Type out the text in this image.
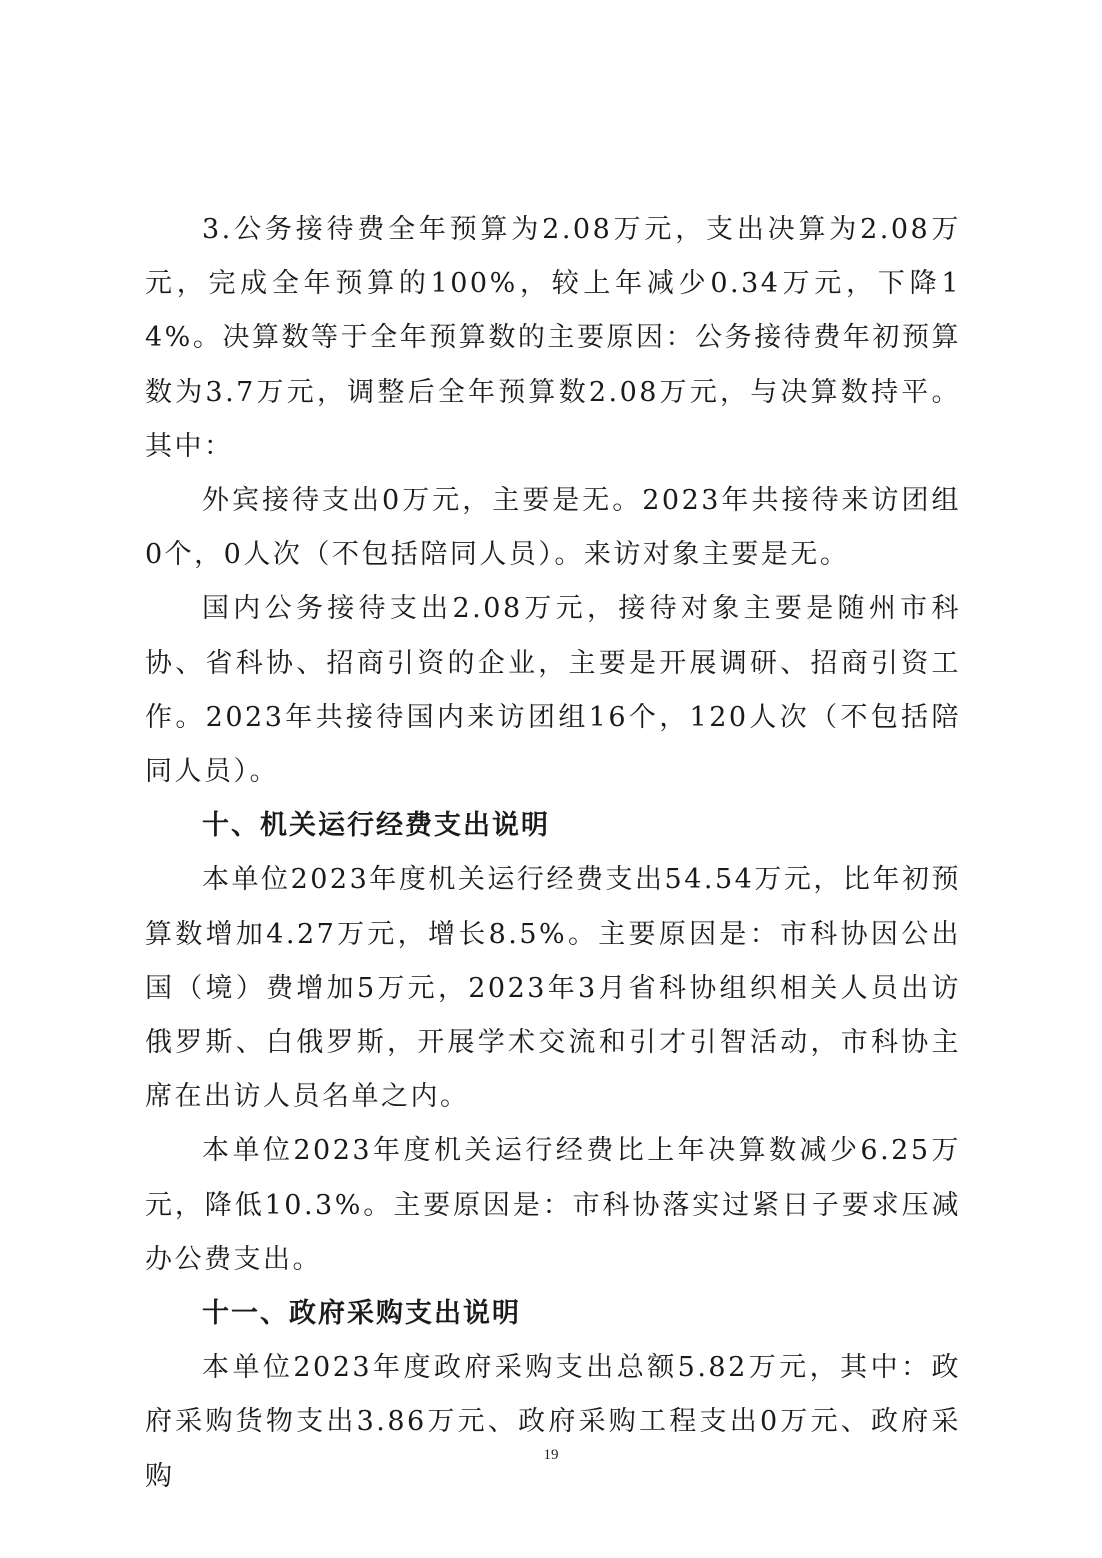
3.公务接待费全年预算为2.08万元，支出决算为2.08万元，完成全年预算的100%，较上年减少0.34万元，下降14%。决算数等于全年预算数的主要原因：公务接待费年初预算数为3.7万元，调整后全年预算数2.08万元，与决算数持平。其中：

外宾接待支出0万元，主要是无。2023年共接待来访团组0个，0人次（不包括陪同人员）。来访对象主要是无。

国内公务接待支出2.08万元，接待对象主要是随州市科协、省科协、招商引资的企业，主要是开展调研、招商引资工作。2023年共接待国内来访团组16个，120人次（不包括陪同人员）。

十、机关运行经费支出说明

本单位2023年度机关运行经费支出54.54万元，比年初预算数增加4.27万元，增长8.5%。主要原因是：市科协因公出国（境）费增加5万元，2023年3月省科协组织相关人员出访俄罗斯、白俄罗斯，开展学术交流和引才引智活动，市科协主席在出访人员名单之内。

本单位2023年度机关运行经费比上年决算数减少6.25万元，降低10.3%。主要原因是：市科协落实过紧日子要求压减办公费支出。

十一、政府采购支出说明

本单位2023年度政府采购支出总额5.82万元，其中：政府采购货物支出3.86万元、政府采购工程支出0万元、政府采购

19
